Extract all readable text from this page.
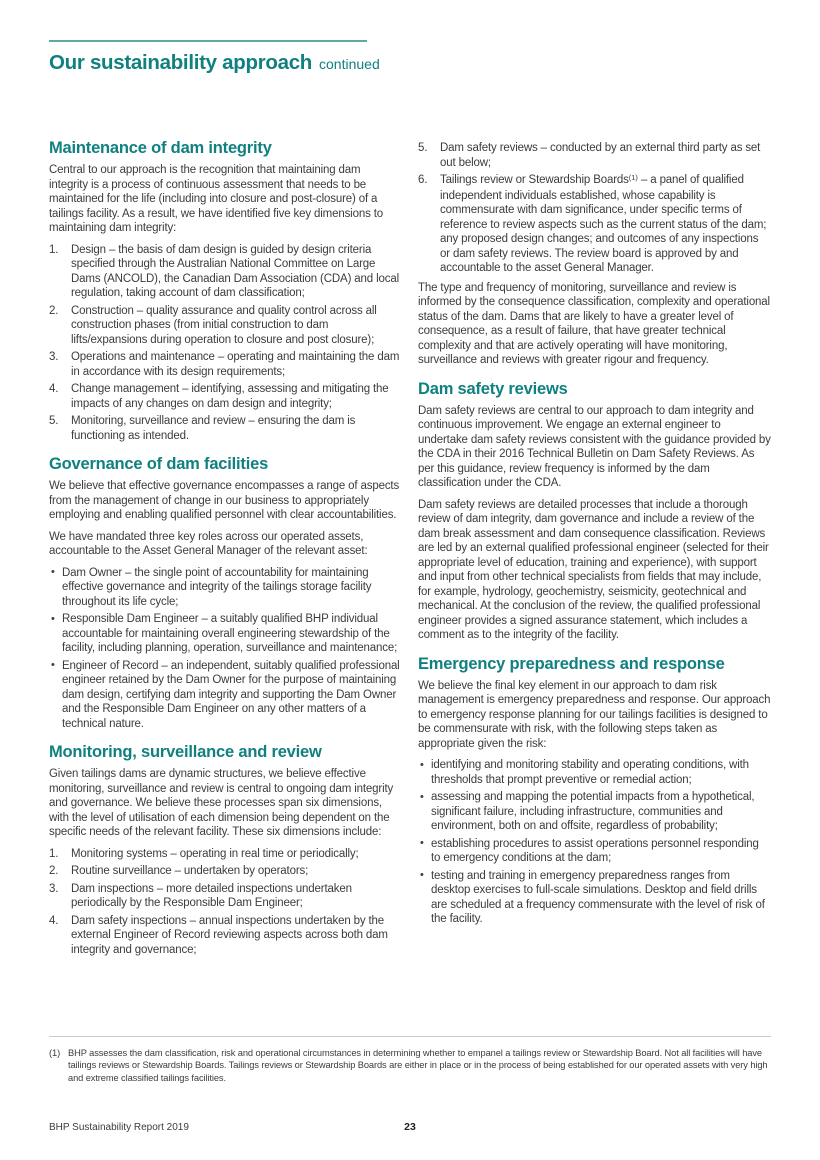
Our sustainability approach continued
Maintenance of dam integrity

Central to our approach is the recognition that maintaining dam integrity is a process of continuous assessment that needs to be maintained for the life (including into closure and post-closure) of a tailings facility. As a result, we have identified five key dimensions to maintaining dam integrity:

1.	Design – the basis of dam design is guided by design criteria specified through the Australian National Committee on Large Dams (ANCOLD), the Canadian Dam Association (CDA) and local regulation, taking account of dam classification;
2.	Construction – quality assurance and quality control across all construction phases (from initial construction to dam lifts/expansions during operation to closure and post closure);
3.	Operations and maintenance – operating and maintaining the dam in accordance with its design requirements;
4.	Change management – identifying, assessing and mitigating the impacts of any changes on dam design and integrity;
5.	Monitoring, surveillance and review – ensuring the dam is functioning as intended.
Governance of dam facilities

We believe that effective governance encompasses a range of aspects from the management of change in our business to appropriately employing and enabling qualified personnel with clear accountabilities.

We have mandated three key roles across our operated assets, accountable to the Asset General Manager of the relevant asset:

• Dam Owner – the single point of accountability for maintaining effective governance and integrity of the tailings storage facility throughout its life cycle;
• Responsible Dam Engineer – a suitably qualified BHP individual accountable for maintaining overall engineering stewardship of the facility, including planning, operation, surveillance and maintenance;
• Engineer of Record – an independent, suitably qualified professional engineer retained by the Dam Owner for the purpose of maintaining dam design, certifying dam integrity and supporting the Dam Owner and the Responsible Dam Engineer on any other matters of a technical nature.
Monitoring, surveillance and review

Given tailings dams are dynamic structures, we believe effective monitoring, surveillance and review is central to ongoing dam integrity and governance. We believe these processes span six dimensions, with the level of utilisation of each dimension being dependent on the specific needs of the relevant facility. These six dimensions include:

1.	Monitoring systems – operating in real time or periodically;
2.	Routine surveillance – undertaken by operators;
3.	Dam inspections – more detailed inspections undertaken periodically by the Responsible Dam Engineer;
4.	Dam safety inspections – annual inspections undertaken by the external Engineer of Record reviewing aspects across both dam integrity and governance;
5.	Dam safety reviews – conducted by an external third party as set out below;
6.	Tailings review or Stewardship Boards$^{(1)}$ – a panel of qualified independent individuals established, whose capability is commensurate with dam significance, under specific terms of reference to review aspects such as the current status of the dam; any proposed design changes; and outcomes of any inspections or dam safety reviews. The review board is approved by and accountable to the asset General Manager.

The type and frequency of monitoring, surveillance and review is informed by the consequence classification, complexity and operational status of the dam. Dams that are likely to have a greater level of consequence, as a result of failure, that have greater technical complexity and that are actively operating will have monitoring, surveillance and reviews with greater rigour and frequency.

Dam safety reviews

Dam safety reviews are central to our approach to dam integrity and continuous improvement. We engage an external engineer to undertake dam safety reviews consistent with the guidance provided by the CDA in their 2016 Technical Bulletin on Dam Safety Reviews. As per this guidance, review frequency is informed by the dam classification under the CDA.

Dam safety reviews are detailed processes that include a thorough review of dam integrity, dam governance and include a review of the dam break assessment and dam consequence classification. Reviews are led by an external qualified professional engineer (selected for their appropriate level of education, training and experience), with support and input from other technical specialists from fields that may include, for example, hydrology, geochemistry, seismicity, geotechnical and mechanical. At the conclusion of the review, the qualified professional engineer provides a signed assurance statement, which includes a comment as to the integrity of the facility.

Emergency preparedness and response

We believe the final key element in our approach to dam risk management is emergency preparedness and response. Our approach to emergency response planning for our tailings facilities is designed to be commensurate with risk, with the following steps taken as appropriate given the risk:

• identifying and monitoring stability and operating conditions, with thresholds that prompt preventive or remedial action;
• assessing and mapping the potential impacts from a hypothetical, significant failure, including infrastructure, communities and environment, both on and offsite, regardless of probability;
• establishing procedures to assist operations personnel responding to emergency conditions at the dam;
• testing and training in emergency preparedness ranges from desktop exercises to full-scale simulations. Desktop and field drills are scheduled at a frequency commensurate with the level of risk of the facility.
(1) BHP assesses the dam classification, risk and operational circumstances in determining whether to empanel a tailings review or Stewardship Board. Not all facilities will have tailings reviews or Stewardship Boards. Tailings reviews or Stewardship Boards are either in place or in the process of being established for our operated assets with very high and extreme classified tailings facilities.
BHP Sustainability Report 2019	23
